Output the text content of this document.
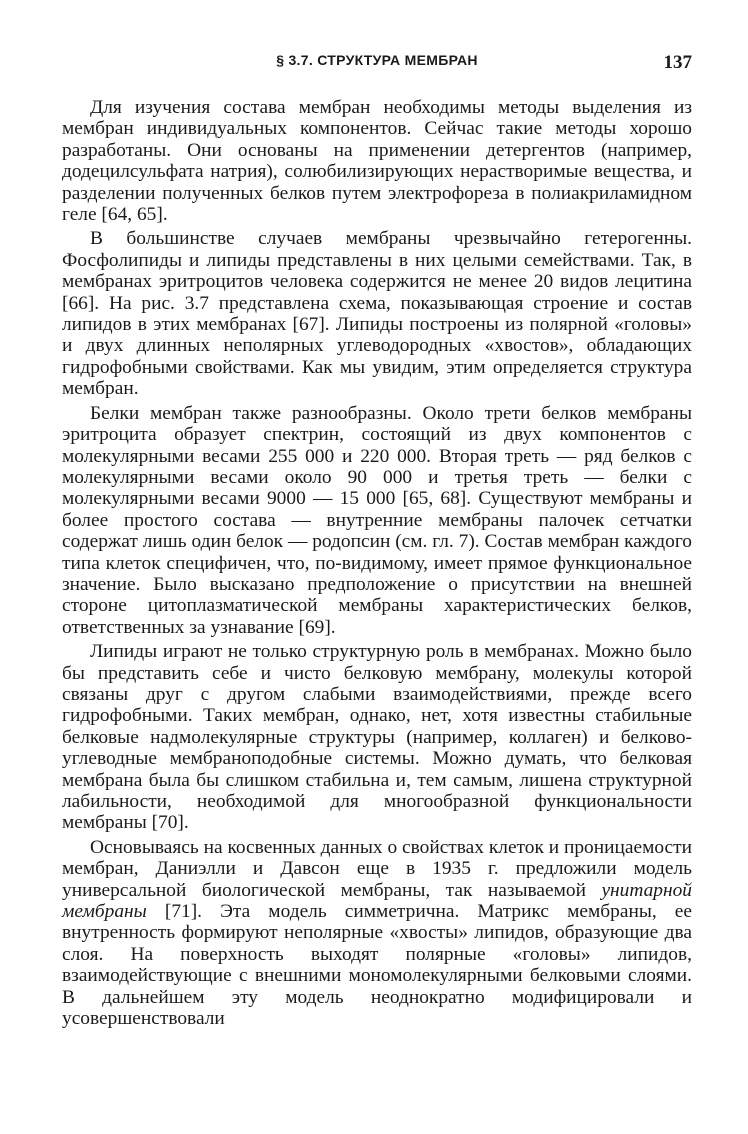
§ 3.7. СТРУКТУРА МЕМБРАН	137

Для изучения состава мембран необходимы методы выделения из мембран индивидуальных компонентов. Сейчас такие методы хорошо разработаны. Они основаны на применении детергентов (например, додецилсульфата натрия), солюбилизирующих нерастворимые вещества, и разделении полученных белков путем электрофореза в полиакриламидном геле [64, 65].

В большинстве случаев мембраны чрезвычайно гетерогенны. Фосфолипиды и липиды представлены в них целыми семействами. Так, в мембранах эритроцитов человека содержится не менее 20 видов лецитина [66]. На рис. 3.7 представлена схема, показывающая строение и состав липидов в этих мембранах [67]. Липиды построены из полярной «головы» и двух длинных неполярных углеводородных «хвостов», обладающих гидрофобными свойствами. Как мы увидим, этим определяется структура мембран.

Белки мембран также разнообразны. Около трети белков мембраны эритроцита образует спектрин, состоящий из двух компонентов с молекулярными весами 255 000 и 220 000. Вторая треть — ряд белков с молекулярными весами около 90 000 и третья треть — белки с молекулярными весами 9000 — 15 000 [65, 68]. Существуют мембраны и более простого состава — внутренние мембраны палочек сетчатки содержат лишь один белок — родопсин (см. гл. 7). Состав мембран каждого типа клеток специфичен, что, по-видимому, имеет прямое функциональное значение. Было высказано предположение о присутствии на внешней стороне цитоплазматической мембраны характеристических белков, ответственных за узнавание [69].

Липиды играют не только структурную роль в мембранах. Можно было бы представить себе и чисто белковую мембрану, молекулы которой связаны друг с другом слабыми взаимодействиями, прежде всего гидрофобными. Таких мембран, однако, нет, хотя известны стабильные белковые надмолекулярные структуры (например, коллаген) и белково-углеводные мембраноподобные системы. Можно думать, что белковая мембрана была бы слишком стабильна и, тем самым, лишена структурной лабильности, необходимой для многообразной функциональности мембраны [70].

Основываясь на косвенных данных о свойствах клеток и проницаемости мембран, Даниэлли и Давсон еще в 1935 г. предложили модель универсальной биологической мембраны, так называемой унитарной мембраны [71]. Эта модель симметрична. Матрикс мембраны, ее внутренность формируют неполярные «хвосты» липидов, образующие два слоя. На поверхность выходят полярные «головы» липидов, взаимодействующие с внешними мономолекулярными белковыми слоями. В дальнейшем эту модель неоднократно модифицировали и усовершенствовали
